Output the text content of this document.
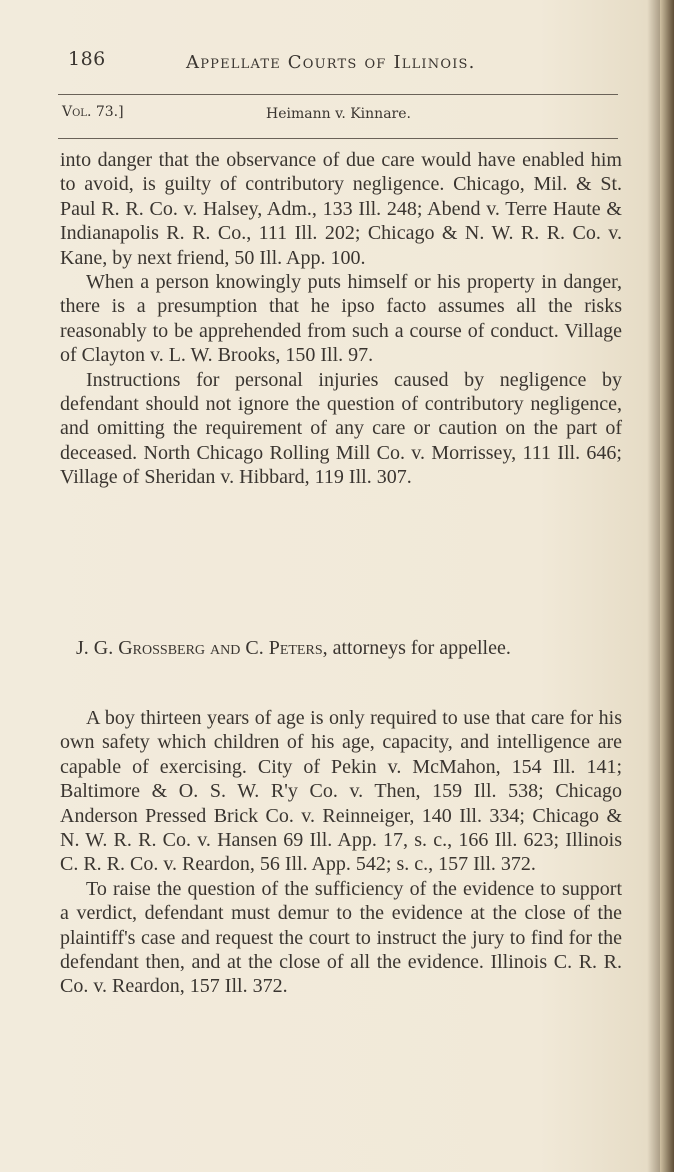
186	Appellate Courts of Illinois.
Vol. 73.]	Heimann v. Kinnare.

into danger that the observance of due care would have enabled him to avoid, is guilty of contributory negligence. Chicago, Mil. & St. Paul R. R. Co. v. Halsey, Adm., 133 Ill. 248; Abend v. Terre Haute & Indianapolis R. R. Co., 111 Ill. 202; Chicago & N. W. R. R. Co. v. Kane, by next friend, 50 Ill. App. 100.

When a person knowingly puts himself or his property in danger, there is a presumption that he ipso facto assumes all the risks reasonably to be apprehended from such a course of conduct. Village of Clayton v. L. W. Brooks, 150 Ill. 97.

Instructions for personal injuries caused by negligence by defendant should not ignore the question of contributory negligence, and omitting the requirement of any care or caution on the part of deceased. North Chicago Rolling Mill Co. v. Morrissey, 111 Ill. 646; Village of Sheridan v. Hibbard, 119 Ill. 307.

J. G. Grossberg and C. Peters, attorneys for appellee.

A boy thirteen years of age is only required to use that care for his own safety which children of his age, capacity, and intelligence are capable of exercising. City of Pekin v. McMahon, 154 Ill. 141; Baltimore & O. S. W. R'y Co. v. Then, 159 Ill. 538; Chicago Anderson Pressed Brick Co. v. Reinneiger, 140 Ill. 334; Chicago & N. W. R. R. Co. v. Hansen 69 Ill. App. 17, s. c., 166 Ill. 623; Illinois C. R. R. Co. v. Reardon, 56 Ill. App. 542; s. c., 157 Ill. 372.

To raise the question of the sufficiency of the evidence to support a verdict, defendant must demur to the evidence at the close of the plaintiff's case and request the court to instruct the jury to find for the defendant then, and at the close of all the evidence. Illinois C. R. R. Co. v. Reardon, 157 Ill. 372.
